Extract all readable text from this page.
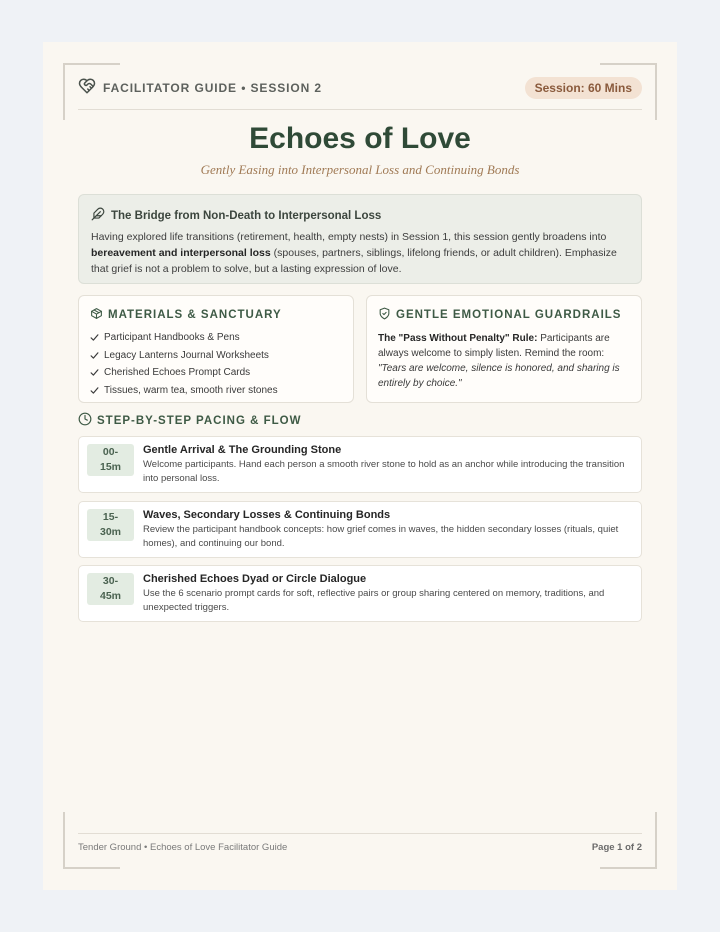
FACILITATOR GUIDE • SESSION 2	Session: 60 Mins
Echoes of Love
Gently Easing into Interpersonal Loss and Continuing Bonds
The Bridge from Non-Death to Interpersonal Loss

Having explored life transitions (retirement, health, empty nests) in Session 1, this session gently broadens into bereavement and interpersonal loss (spouses, partners, siblings, lifelong friends, or adult children). Emphasize that grief is not a problem to solve, but a lasting expression of love.

MATERIALS & SANCTUARY
Participant Handbooks & Pens
Legacy Lanterns Journal Worksheets
Cherished Echoes Prompt Cards
Tissues, warm tea, smooth river stones
GENTLE EMOTIONAL GUARDRAILS

The "Pass Without Penalty" Rule: Participants are always welcome to simply listen. Remind the room: "Tears are welcome, silence is honored, and sharing is entirely by choice."

STEP-BY-STEP PACING & FLOW
00-
15m
Gentle Arrival & The Grounding Stone
Welcome participants. Hand each person a smooth river stone to hold as an anchor while introducing the transition into personal loss.
15-
30m
Waves, Secondary Losses & Continuing Bonds
Review the participant handbook concepts: how grief comes in waves, the hidden secondary losses (rituals, quiet homes), and continuing our bond.
30-
45m
Cherished Echoes Dyad or Circle Dialogue
Use the 6 scenario prompt cards for soft, reflective pairs or group sharing centered on memory, traditions, and unexpected triggers.
Tender Ground • Echoes of Love Facilitator Guide	Page 1 of 2
